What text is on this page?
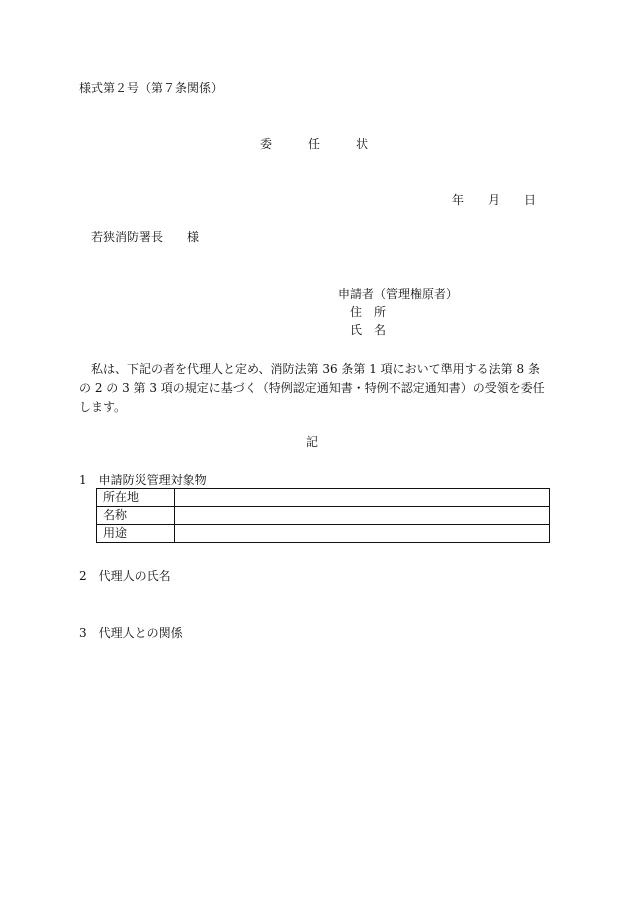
様式第２号（第７条関係）
委	任	状
年 月 日
若狭消防署長　　様
申請者（管理権原者）
住　所
氏　名
私は、下記の者を代理人と定め、消防法第 36 条第 1 項において準用する法第 8 条の 2 の 3 第 3 項の規定に基づく（特例認定通知書・特例不認定通知書）の受領を委任します。
記
1　申請防災管理対象物
所在地	
名称	
用途	
2　代理人の氏名
3　代理人との関係
